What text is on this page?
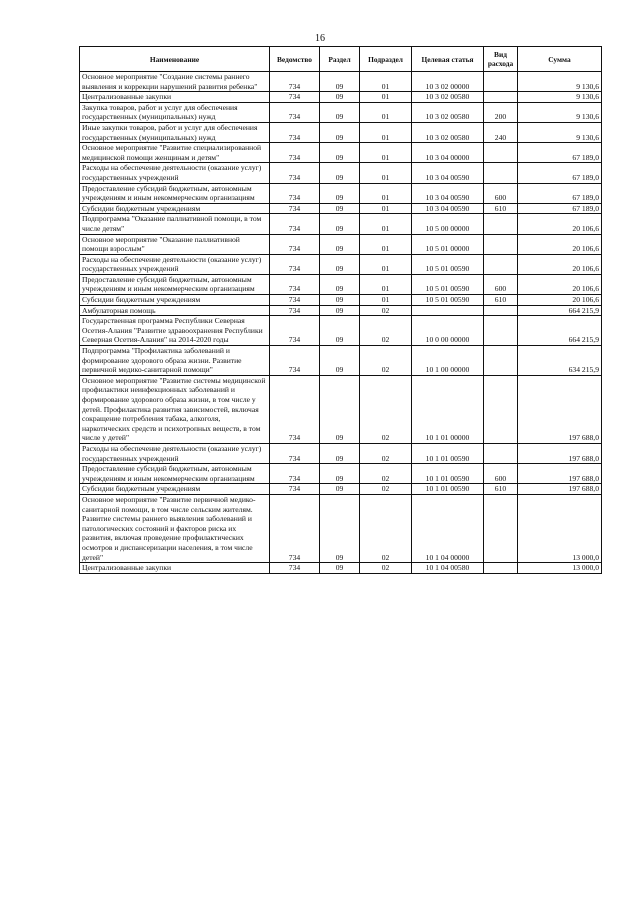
16
Наименование	Ведомство	Раздел	Подраздел	Целевая статья	Вид расхода	Сумма
Основное мероприятие "Создание системы раннего выявления и коррекции нарушений развития ребенка"	734	09	01	10 3 02 00000		9 130,6
Централизованные закупки	734	09	01	10 3 02 00580		9 130,6
Закупка товаров, работ и услуг для обеспечения государственных (муниципальных) нужд	734	09	01	10 3 02 00580	200	9 130,6
Иные закупки товаров, работ и услуг для обеспечения государственных (муниципальных) нужд	734	09	01	10 3 02 00580	240	9 130,6
Основное мероприятие "Развитие специализированной медицинской помощи женщинам и детям"	734	09	01	10 3 04 00000		67 189,0
Расходы на обеспечение деятельности (оказание услуг) государственных учреждений	734	09	01	10 3 04 00590		67 189,0
Предоставление субсидий бюджетным, автономным учреждениям и иным некоммерческим организациям	734	09	01	10 3 04 00590	600	67 189,0
Субсидии бюджетным учреждениям	734	09	01	10 3 04 00590	610	67 189,0
Подпрограмма "Оказание паллиативной помощи, в том числе детям"	734	09	01	10 5 00 00000		20 106,6
Основное мероприятие "Оказание паллиативной помощи взрослым"	734	09	01	10 5 01 00000		20 106,6
Расходы на обеспечение деятельности (оказание услуг) государственных учреждений	734	09	01	10 5 01 00590		20 106,6
Предоставление субсидий бюджетным, автономным учреждениям и иным некоммерческим организациям	734	09	01	10 5 01 00590	600	20 106,6
Субсидии бюджетным учреждениям	734	09	01	10 5 01 00590	610	20 106,6
Амбулаторная помощь	734	09	02			664 215,9
Государственная программа Республики Северная Осетия-Алания "Развитие здравоохранения Республики Северная Осетия-Алания" на 2014-2020 годы	734	09	02	10 0 00 00000		664 215,9
Подпрограмма "Профилактика заболеваний и формирование здорового образа жизни. Развитие первичной медико-санитарной помощи"	734	09	02	10 1 00 00000		634 215,9
Основное мероприятие "Развитие системы медицинской профилактики неинфекционных заболеваний и формирование здорового образа жизни, в том числе у детей. Профилактика развития зависимостей, включая сокращение потребления табака, алкоголя, наркотических средств и психотропных веществ, в том числе у детей"	734	09	02	10 1 01 00000		197 688,0
Расходы на обеспечение деятельности (оказание услуг) государственных учреждений	734	09	02	10 1 01 00590		197 688,0
Предоставление субсидий бюджетным, автономным учреждениям и иным некоммерческим организациям	734	09	02	10 1 01 00590	600	197 688,0
Субсидии бюджетным учреждениям	734	09	02	10 1 01 00590	610	197 688,0
Основное мероприятие "Развитие первичной медико-санитарной помощи, в том числе сельским жителям. Развитие системы раннего выявления заболеваний и патологических состояний и факторов риска их развития, включая проведение профилактических осмотров и диспансеризации населения, в том числе детей"	734	09	02	10 1 04 00000		13 000,0
Централизованные закупки	734	09	02	10 1 04 00580		13 000,0
